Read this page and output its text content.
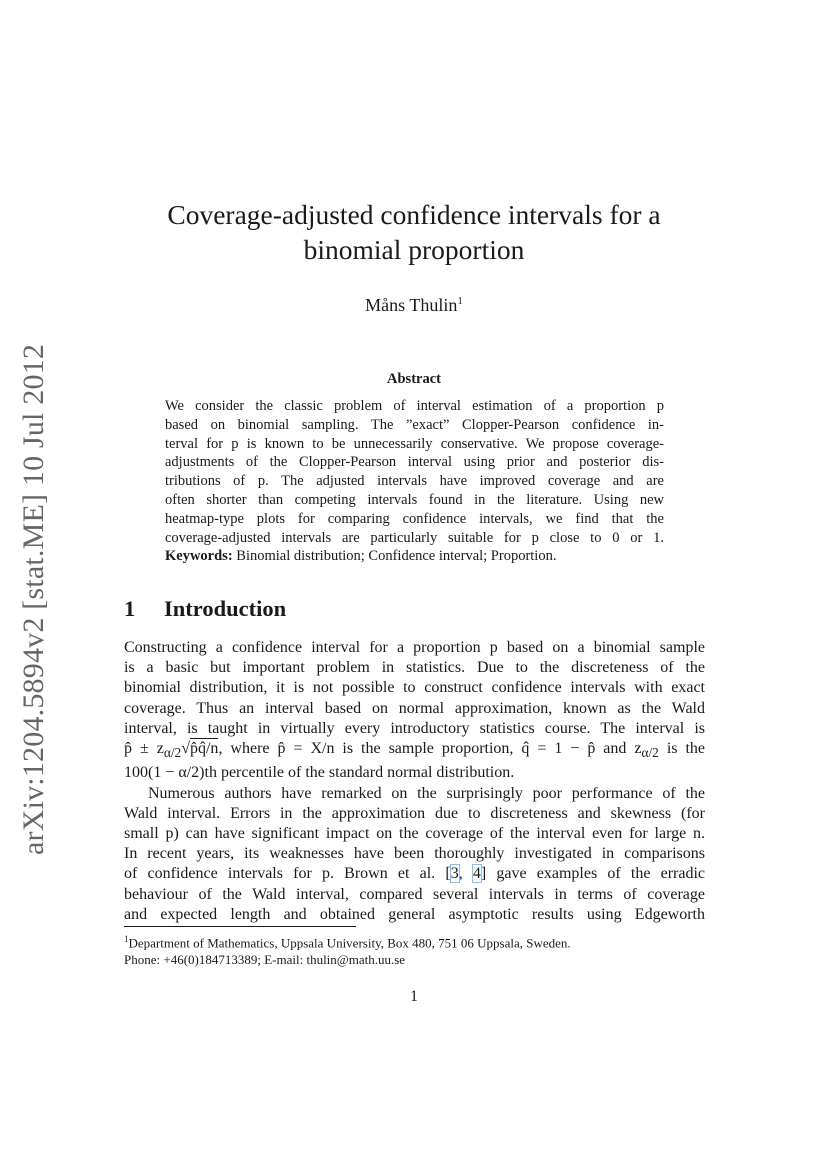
arXiv:1204.5894v2 [stat.ME] 10 Jul 2012
Coverage-adjusted confidence intervals for a
binomial proportion
Måns Thulin$^1$
Abstract
We consider the classic problem of interval estimation of a proportion p
based on binomial sampling. The ”exact” Clopper-Pearson confidence in-
terval for p is known to be unnecessarily conservative. We propose coverage-
adjustments of the Clopper-Pearson interval using prior and posterior dis-
tributions of p. The adjusted intervals have improved coverage and are
often shorter than competing intervals found in the literature. Using new
heatmap-type plots for comparing confidence intervals, we find that the
coverage-adjusted intervals are particularly suitable for p close to 0 or 1.
Keywords: Binomial distribution; Confidence interval; Proportion.
1 Introduction
Constructing a confidence interval for a proportion p based on a binomial sample
is a basic but important problem in statistics. Due to the discreteness of the
binomial distribution, it is not possible to construct confidence intervals with exact
coverage. Thus an interval based on normal approximation, known as the Wald
interval, is taught in virtually every introductory statistics course. The interval is
p̂ ± $z_{\alpha/2}√p̂q̂/n$, where p̂ = X/n is the sample proportion, q̂ = 1 − p̂ and $z_{\alpha/2}$ is the
100(1 − α/2)th percentile of the standard normal distribution.
Numerous authors have remarked on the surprisingly poor performance of the
Wald interval. Errors in the approximation due to discreteness and skewness (for
small p) can have significant impact on the coverage of the interval even for large n.
In recent years, its weaknesses have been thoroughly investigated in comparisons
of confidence intervals for p. Brown et al. [3, 4] gave examples of the erradic
behaviour of the Wald interval, compared several intervals in terms of coverage
and expected length and obtained general asymptotic results using Edgeworth
$^1$Department of Mathematics, Uppsala University, Box 480, 751 06 Uppsala, Sweden.
Phone: +46(0)184713389; E-mail: thulin@math.uu.se
1
